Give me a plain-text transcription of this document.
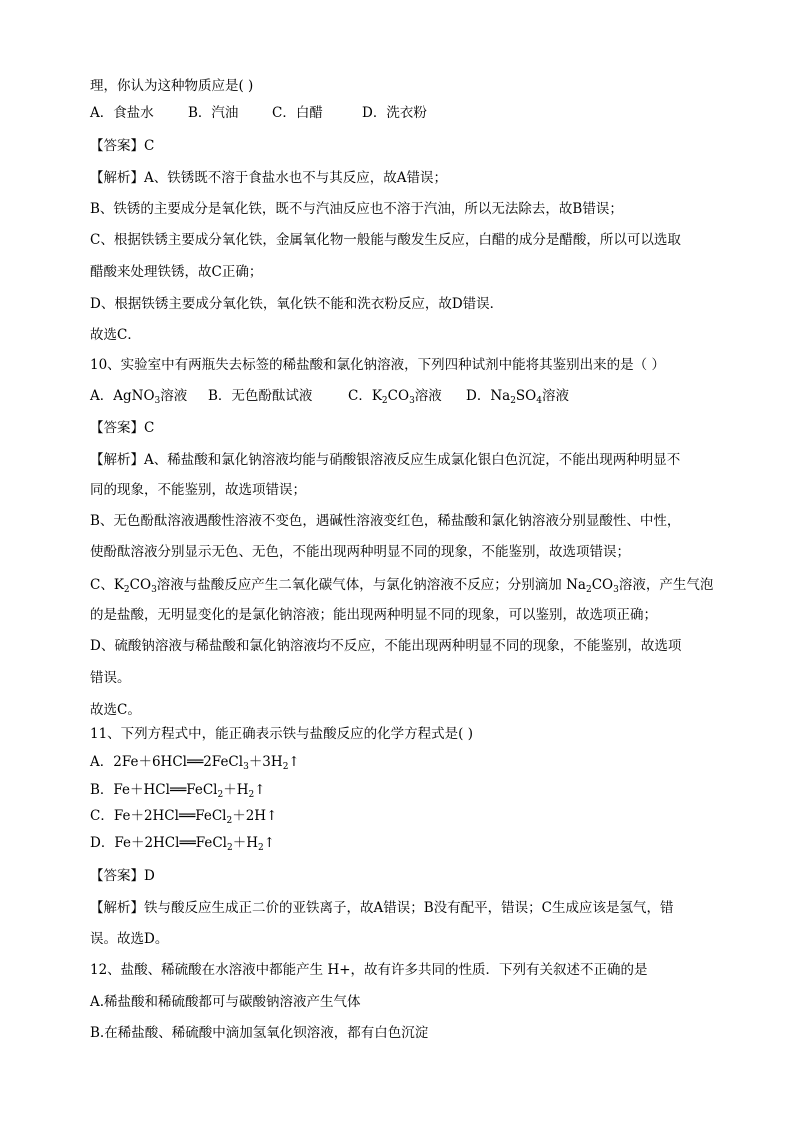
理，你认为这种物质应是( )
A．食盐水	B．汽油 C．白醋	D．洗衣粉
【答案】C
【解析】A、铁锈既不溶于食盐水也不与其反应，故A错误；
B、铁锈的主要成分是氧化铁，既不与汽油反应也不溶于汽油，所以无法除去，故B错误；
C、根据铁锈主要成分氧化铁，金属氧化物一般能与酸发生反应，白醋的成分是醋酸，所以可以选取
醋酸来处理铁锈，故C正确；
D、根据铁锈主要成分氧化铁，氧化铁不能和洗衣粉反应，故D错误．
故选C．
10、实验室中有两瓶失去标签的稀盐酸和氯化钠溶液，下列四种试剂中能将其鉴别出来的是（ ）
A．AgNO$_3$溶液 B．无色酚酞试液	C．$K_2CO_3$溶液 D．$Na_2SO_4$溶液
【答案】C
【解析】A、稀盐酸和氯化钠溶液均能与硝酸银溶液反应生成氯化银白色沉淀，不能出现两种明显不
同的现象，不能鉴别，故选项错误；
B、无色酚酞溶液遇酸性溶液不变色，遇碱性溶液变红色，稀盐酸和氯化钠溶液分别显酸性、中性，
使酚酞溶液分别显示无色、无色，不能出现两种明显不同的现象，不能鉴别，故选项错误；
C、$K_2CO_3$溶液与盐酸反应产生二氧化碳气体，与氯化钠溶液不反应；分别滴加 $Na_2CO_3$溶液，产生气泡
的是盐酸，无明显变化的是氯化钠溶液；能出现两种明显不同的现象，可以鉴别，故选项正确；
D、硫酸钠溶液与稀盐酸和氯化钠溶液均不反应，不能出现两种明显不同的现象，不能鉴别，故选项
错误。
故选C。
11、下列方程式中，能正确表示铁与盐酸反应的化学方程式是( )
A．$2Fe+6HCl══2FeCl_3+3H_2↑$
B．$Fe+HCl══FeCl_2+H_2↑$
C．Fe＋2HCl══FeCl$_2$＋2H↑
D．$Fe+2HCl══FeCl_2+H_2↑$
【答案】D
【解析】铁与酸反应生成正二价的亚铁离子，故A错误；B没有配平，错误；C生成应该是氢气，错
误。故选D。
12、盐酸、稀硫酸在水溶液中都能产生 H+，故有许多共同的性质．下列有关叙述不正确的是
A.稀盐酸和稀硫酸都可与碳酸钠溶液产生气体
B.在稀盐酸、稀硫酸中滴加氢氧化钡溶液，都有白色沉淀
